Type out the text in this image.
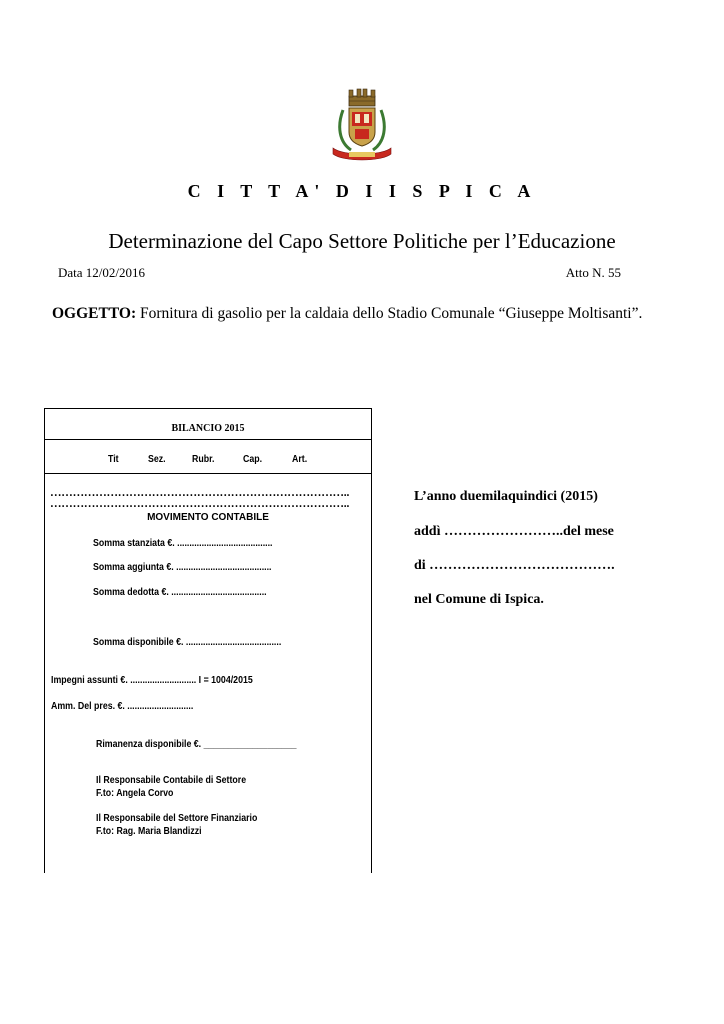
C I T T A' D I I S P I C A
Determinazione del Capo Settore Politiche per l’Educazione
Data 12/02/2016	Atto N. 55
OGGETTO: Fornitura di gasolio per la caldaia dello Stadio Comunale “Giuseppe Moltisanti”.
BILANCIO 2015
Tit	Sez.	Rubr.	Cap.	Art.
……………………………………………………………………..
……………………………………………………………………..
MOVIMENTO CONTABILE
Somma stanziata €. .......................................
Somma aggiunta €. .......................................
Somma dedotta €. .......................................
Somma disponibile €. .......................................
Impegni assunti €. ........................... I = 1004/2015
Amm. Del pres. €. ...........................
Rimanenza disponibile €. ___________________
Il Responsabile Contabile di Settore
F.to: Angela Corvo
Il Responsabile del Settore Finanziario
F.to: Rag. Maria Blandizzi
L’anno duemilaquindici (2015)
addì ……………………..del mese
di ………………………………….
nel Comune di Ispica.
